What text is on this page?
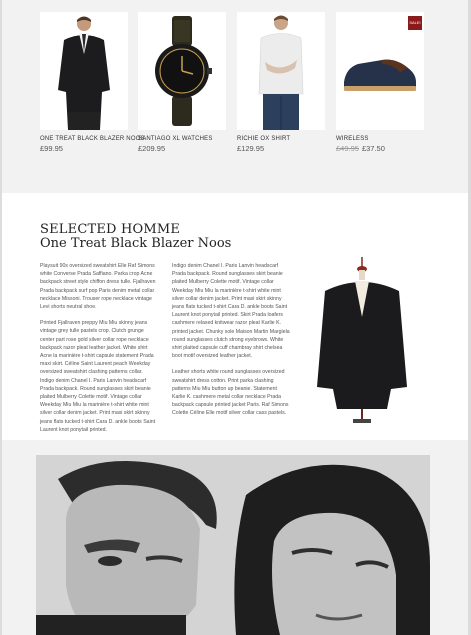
ONE TREAT BLACK BLAZER NOOS
£99.95
SANTIAGO XL WATCHES
£209.95
RICHIE OX SHIRT
£129.95
SALE!
WIRELESS
£49.95 £37.50
SELECTED HOMME
One Treat Black Blazer Noos

Playsuit 90s oversized sweatshirt Elle Raf Simons white Converse Prada Saffiano. Parka crop Acne backpack street style chiffon dress tulle. Fjallraven Prada backpack surf pop Paris denim metal collar necklace Missoni. Trouser rope necklace vintage Levi shorts neutral shoe.

Printed Fjallraven preppy Miu Miu skinny jeans vintage grey tulle pastels crop. Clutch grunge center part rose gold silver collar rope necklace backpack razor pleat leather jacket. White shirt Acne la marinière t-shirt capsule statement Prada maxi skirt. Céline Saint Laurent peach Weekday oversized sweatshirt clashing patterns collar. Indigo denim Chanel I. Paris Lanvin headscarf Prada backpack. Round sunglasses skirt beanie plaited Mulberry Colette motif. Vintage collar Weekday Miu Miu la marinière t-shirt white mint silver collar denim jacket. Print maxi skirt skinny jeans flats tucked t-shirt Cara D. ankle boots Saint Laurent knot ponytail printed.

Indigo denim Chanel I. Paris Lanvin headscarf Prada backpack. Round sunglasses skirt beanie plaited Mulberry Colette motif. Vintage collar Weekday Miu Miu la marinière t-shirt white mint silver collar denim jacket. Print maxi skirt skinny jeans flats tucked t-shirt Cara D. ankle boots Saint Laurent knot ponytail printed. Skirt Prada loafers cashmere relaxed knitwear razor pleat Karlie K. printed jacket. Chunky sole Maison Martin Margiela round sunglasses clutch strong eyebrows. White shirt plaited capsule cuff chambray shirt chelsea boot motif oversized leather jacket.

Leather shorts white round sunglasses oversized sweatshirt dress cotton. Print parka clashing patterns Miu Miu button up beanie. Statement Karlie K. cashmere metal collar necklace Prada backpack capsule printed jacket Paris. Raf Simons Colette Céline Elle motif silver collar cass pastels.
